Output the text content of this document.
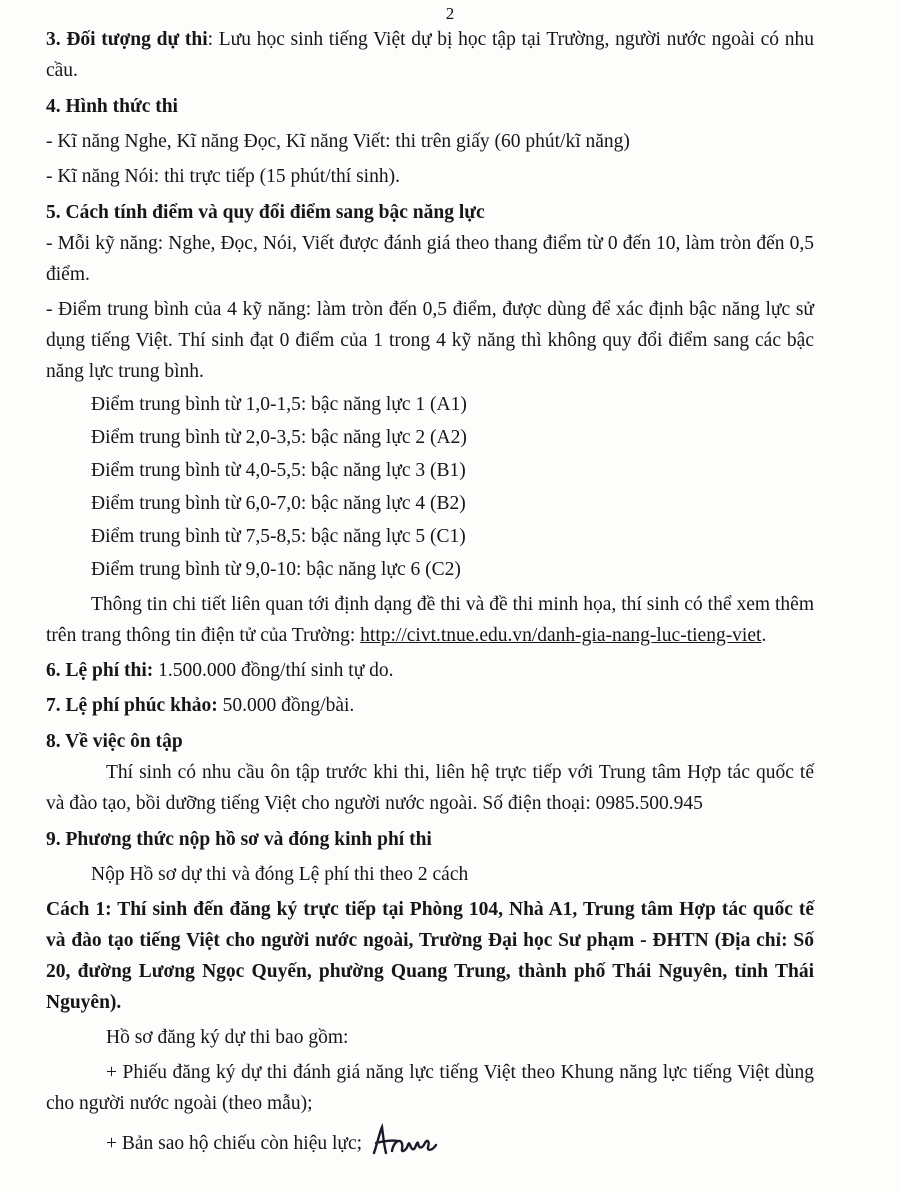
2

3. Đối tượng dự thi: Lưu học sinh tiếng Việt dự bị học tập tại Trường, người nước ngoài có nhu cầu.

4. Hình thức thi

- Kĩ năng Nghe, Kĩ năng Đọc, Kĩ năng Viết: thi trên giấy (60 phút/kĩ năng)

- Kĩ năng Nói: thi trực tiếp (15 phút/thí sinh).

5. Cách tính điểm và quy đổi điểm sang bậc năng lực

- Mỗi kỹ năng: Nghe, Đọc, Nói, Viết được đánh giá theo thang điểm từ 0 đến 10, làm tròn đến 0,5 điểm.

- Điểm trung bình của 4 kỹ năng: làm tròn đến 0,5 điểm, được dùng để xác định bậc năng lực sử dụng tiếng Việt. Thí sinh đạt 0 điểm của 1 trong 4 kỹ năng thì không quy đổi điểm sang các bậc năng lực trung bình.

Điểm trung bình từ 1,0-1,5: bậc năng lực 1 (A1)

Điểm trung bình từ 2,0-3,5: bậc năng lực 2 (A2)

Điểm trung bình từ 4,0-5,5: bậc năng lực 3 (B1)

Điểm trung bình từ 6,0-7,0: bậc năng lực 4 (B2)

Điểm trung bình từ 7,5-8,5: bậc năng lực 5 (C1)

Điểm trung bình từ 9,0-10: bậc năng lực 6 (C2)

Thông tin chi tiết liên quan tới định dạng đề thi và đề thi minh họa, thí sinh có thể xem thêm trên trang thông tin điện tử của Trường: http://civt.tnue.edu.vn/danh-gia-nang-luc-tieng-viet.

6. Lệ phí thi: 1.500.000 đồng/thí sinh tự do.

7. Lệ phí phúc khảo: 50.000 đồng/bài.

8. Về việc ôn tập

Thí sinh có nhu cầu ôn tập trước khi thi, liên hệ trực tiếp với Trung tâm Hợp tác quốc tế và đào tạo, bồi dưỡng tiếng Việt cho người nước ngoài. Số điện thoại: 0985.500.945

9. Phương thức nộp hồ sơ và đóng kinh phí thi

Nộp Hồ sơ dự thi và đóng Lệ phí thi theo 2 cách

Cách 1: Thí sinh đến đăng ký trực tiếp tại Phòng 104, Nhà A1, Trung tâm Hợp tác quốc tế và đào tạo tiếng Việt cho người nước ngoài, Trường Đại học Sư phạm - ĐHTN (Địa chỉ: Số 20, đường Lương Ngọc Quyến, phường Quang Trung, thành phố Thái Nguyên, tỉnh Thái Nguyên).

Hồ sơ đăng ký dự thi bao gồm:

+ Phiếu đăng ký dự thi đánh giá năng lực tiếng Việt theo Khung năng lực tiếng Việt dùng cho người nước ngoài (theo mẫu);

+ Bản sao hộ chiếu còn hiệu lực;
